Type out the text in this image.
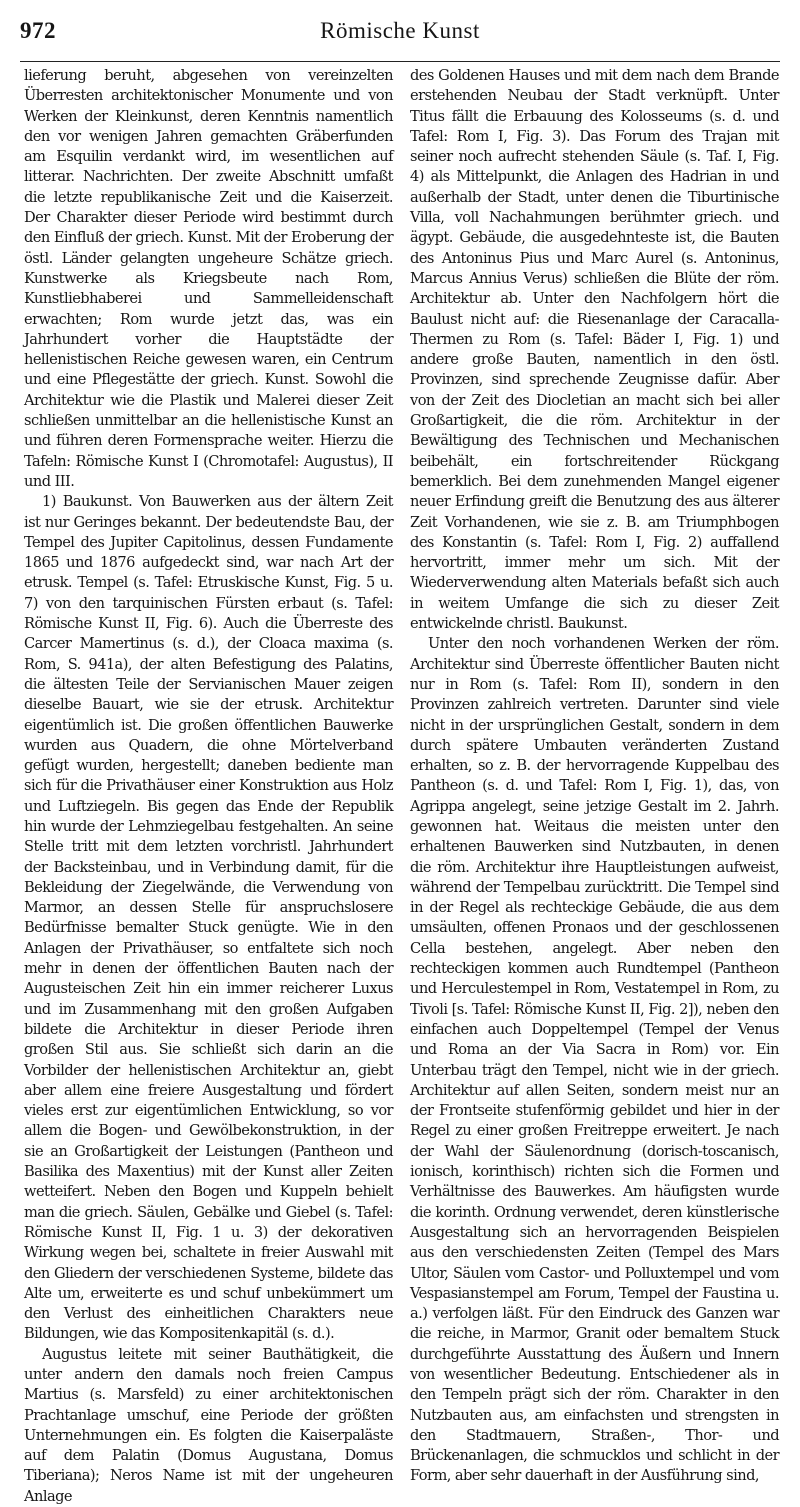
972	Römische Kunst

lieferung beruht, abgesehen von vereinzelten Überresten architektonischer Monumente und von Werken der Kleinkunst, deren Kenntnis namentlich den vor wenigen Jahren gemachten Gräberfunden am Esquilin verdankt wird, im wesentlichen auf litterar. Nachrichten. Der zweite Abschnitt umfaßt die letzte republikanische Zeit und die Kaiserzeit. Der Charakter dieser Periode wird bestimmt durch den Einfluß der griech. Kunst. Mit der Eroberung der östl. Länder gelangten ungeheure Schätze griech. Kunstwerke als Kriegsbeute nach Rom, Kunstliebhaberei und Sammelleidenschaft erwachten; Rom wurde jetzt das, was ein Jahrhundert vorher die Hauptstädte der hellenistischen Reiche gewesen waren, ein Centrum und eine Pflegestätte der griech. Kunst. Sowohl die Architektur wie die Plastik und Malerei dieser Zeit schließen unmittelbar an die hellenistische Kunst an und führen deren Formensprache weiter. Hierzu die Tafeln: Römische Kunst I (Chromotafel: Augustus), II und III.

1) Baukunst. Von Bauwerken aus der ältern Zeit ist nur Geringes bekannt. Der bedeutendste Bau, der Tempel des Jupiter Capitolinus, dessen Fundamente 1865 und 1876 aufgedeckt sind, war nach Art der etrusk. Tempel (s. Tafel: Etruskische Kunst, Fig. 5 u. 7) von den tarquinischen Fürsten erbaut (s. Tafel: Römische Kunst II, Fig. 6). Auch die Überreste des Carcer Mamertinus (s. d.), der Cloaca maxima (s. Rom, S. 941a), der alten Befestigung des Palatins, die ältesten Teile der Servianischen Mauer zeigen dieselbe Bauart, wie sie der etrusk. Architektur eigentümlich ist. Die großen öffentlichen Bauwerke wurden aus Quadern, die ohne Mörtelverband gefügt wurden, hergestellt; daneben bediente man sich für die Privathäuser einer Konstruktion aus Holz und Luftziegeln. Bis gegen das Ende der Republik hin wurde der Lehmziegelbau festgehalten. An seine Stelle tritt mit dem letzten vorchristl. Jahrhundert der Backsteinbau, und in Verbindung damit, für die Bekleidung der Ziegelwände, die Verwendung von Marmor, an dessen Stelle für anspruchslosere Bedürfnisse bemalter Stuck genügte. Wie in den Anlagen der Privathäuser, so entfaltete sich noch mehr in denen der öffentlichen Bauten nach der Augusteischen Zeit hin ein immer reicherer Luxus und im Zusammenhang mit den großen Aufgaben bildete die Architektur in dieser Periode ihren großen Stil aus. Sie schließt sich darin an die Vorbilder der hellenistischen Architektur an, giebt aber allem eine freiere Ausgestaltung und fördert vieles erst zur eigentümlichen Entwicklung, so vor allem die Bogen- und Gewölbekonstruktion, in der sie an Großartigkeit der Leistungen (Pantheon und Basilika des Maxentius) mit der Kunst aller Zeiten wetteifert. Neben den Bogen und Kuppeln behielt man die griech. Säulen, Gebälke und Giebel (s. Tafel: Römische Kunst II, Fig. 1 u. 3) der dekorativen Wirkung wegen bei, schaltete in freier Auswahl mit den Gliedern der verschiedenen Systeme, bildete das Alte um, erweiterte es und schuf unbekümmert um den Verlust des einheitlichen Charakters neue Bildungen, wie das Kompositenkapitäl (s. d.).

Augustus leitete mit seiner Bauthätigkeit, die unter andern den damals noch freien Campus Martius (s. Marsfeld) zu einer architektonischen Prachtanlage umschuf, eine Periode der größten Unternehmungen ein. Es folgten die Kaiserpaläste auf dem Palatin (Domus Augustana, Domus Tiberiana); Neros Name ist mit der ungeheuren Anlage

des Goldenen Hauses und mit dem nach dem Brande erstehenden Neubau der Stadt verknüpft. Unter Titus fällt die Erbauung des Kolosseums (s. d. und Tafel: Rom I, Fig. 3). Das Forum des Trajan mit seiner noch aufrecht stehenden Säule (s. Taf. I, Fig. 4) als Mittelpunkt, die Anlagen des Hadrian in und außerhalb der Stadt, unter denen die Tiburtinische Villa, voll Nachahmungen berühmter griech. und ägypt. Gebäude, die ausgedehnteste ist, die Bauten des Antoninus Pius und Marc Aurel (s. Antoninus, Marcus Annius Verus) schließen die Blüte der röm. Architektur ab. Unter den Nachfolgern hört die Baulust nicht auf: die Riesenanlage der Caracalla-Thermen zu Rom (s. Tafel: Bäder I, Fig. 1) und andere große Bauten, namentlich in den östl. Provinzen, sind sprechende Zeugnisse dafür. Aber von der Zeit des Diocletian an macht sich bei aller Großartigkeit, die die röm. Architektur in der Bewältigung des Technischen und Mechanischen beibehält, ein fortschreitender Rückgang bemerklich. Bei dem zunehmenden Mangel eigener neuer Erfindung greift die Benutzung des aus älterer Zeit Vorhandenen, wie sie z. B. am Triumphbogen des Konstantin (s. Tafel: Rom I, Fig. 2) auffallend hervortritt, immer mehr um sich. Mit der Wiederverwendung alten Materials befaßt sich auch in weitem Umfange die sich zu dieser Zeit entwickelnde christl. Baukunst.

Unter den noch vorhandenen Werken der röm. Architektur sind Überreste öffentlicher Bauten nicht nur in Rom (s. Tafel: Rom II), sondern in den Provinzen zahlreich vertreten. Darunter sind viele nicht in der ursprünglichen Gestalt, sondern in dem durch spätere Umbauten veränderten Zustand erhalten, so z. B. der hervorragende Kuppelbau des Pantheon (s. d. und Tafel: Rom I, Fig. 1), das, von Agrippa angelegt, seine jetzige Gestalt im 2. Jahrh. gewonnen hat. Weitaus die meisten unter den erhaltenen Bauwerken sind Nutzbauten, in denen die röm. Architektur ihre Hauptleistungen aufweist, während der Tempelbau zurücktritt. Die Tempel sind in der Regel als rechteckige Gebäude, die aus dem umsäulten, offenen Pronaos und der geschlossenen Cella bestehen, angelegt. Aber neben den rechteckigen kommen auch Rundtempel (Pantheon und Herculestempel in Rom, Vestatempel in Rom, zu Tivoli [s. Tafel: Römische Kunst II, Fig. 2]), neben den einfachen auch Doppeltempel (Tempel der Venus und Roma an der Via Sacra in Rom) vor. Ein Unterbau trägt den Tempel, nicht wie in der griech. Architektur auf allen Seiten, sondern meist nur an der Frontseite stufenförmig gebildet und hier in der Regel zu einer großen Freitreppe erweitert. Je nach der Wahl der Säulenordnung (dorisch-toscanisch, ionisch, korinthisch) richten sich die Formen und Verhältnisse des Bauwerkes. Am häufigsten wurde die korinth. Ordnung verwendet, deren künstlerische Ausgestaltung sich an hervorragenden Beispielen aus den verschiedensten Zeiten (Tempel des Mars Ultor, Säulen vom Castor- und Polluxtempel und vom Vespasianstempel am Forum, Tempel der Faustina u. a.) verfolgen läßt. Für den Eindruck des Ganzen war die reiche, in Marmor, Granit oder bemaltem Stuck durchgeführte Ausstattung des Äußern und Innern von wesentlicher Bedeutung. Entschiedener als in den Tempeln prägt sich der röm. Charakter in den Nutzbauten aus, am einfachsten und strengsten in den Stadtmauern, Straßen-, Thor- und Brückenanlagen, die schmucklos und schlicht in der Form, aber sehr dauerhaft in der Ausführung sind,
